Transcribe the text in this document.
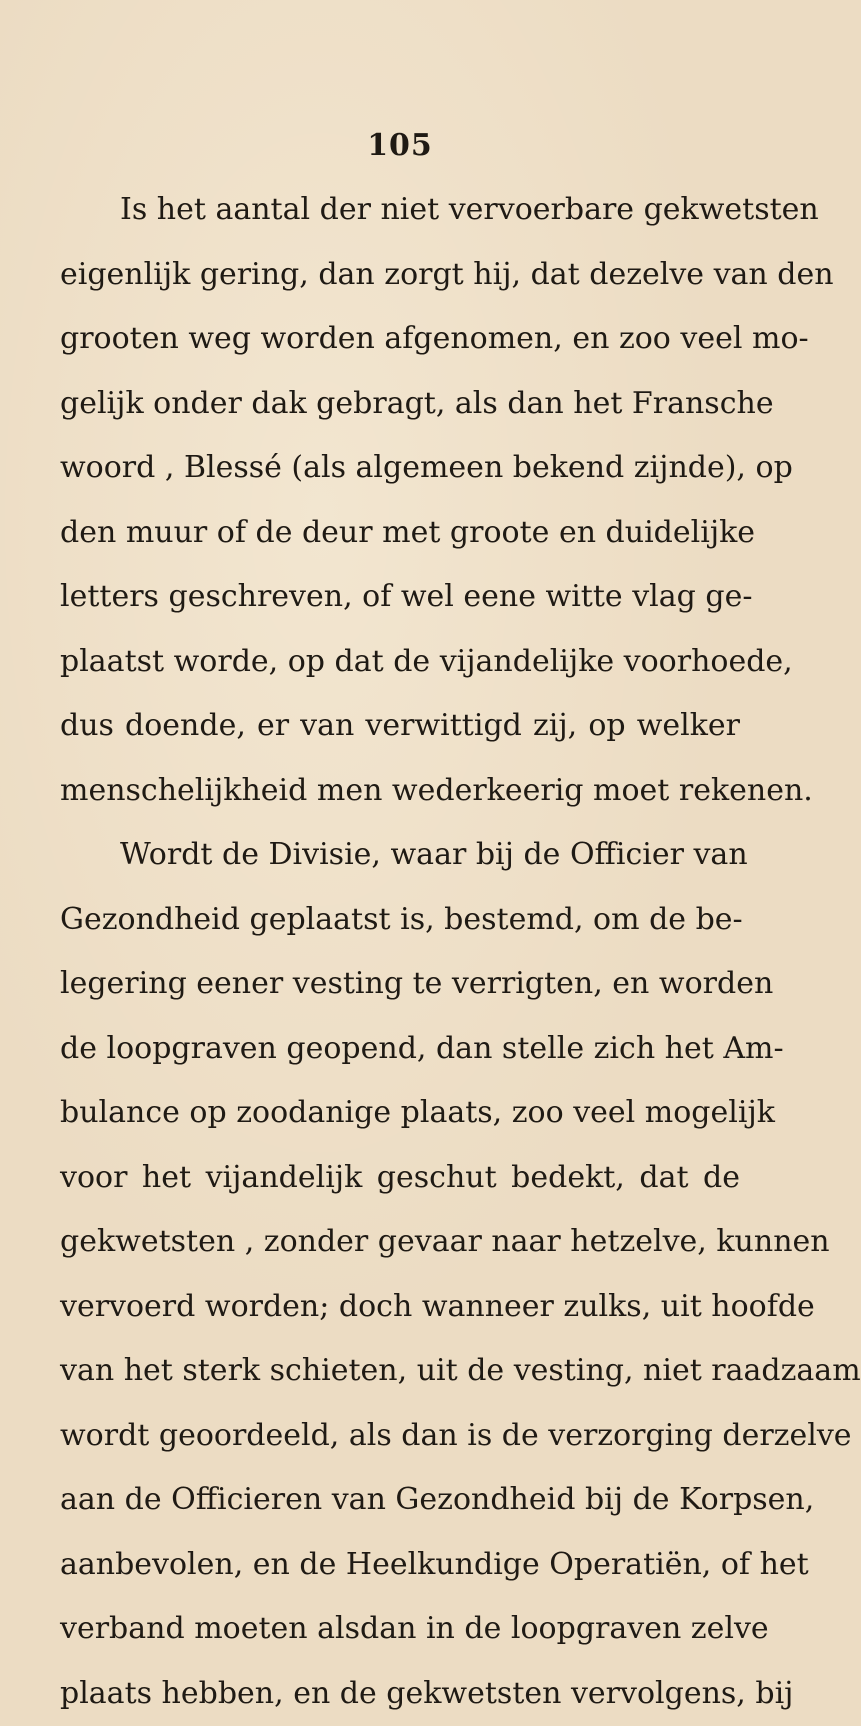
105
Is het aantal der niet vervoerbare gekwetsten
eigenlijk gering, dan zorgt hij, dat dezelve van den
grooten weg worden afgenomen, en zoo veel mo-
gelijk onder dak gebragt, als dan het Fransche
woord , Blessé (als algemeen bekend zijnde), op
den muur of de deur met groote en duidelijke
letters geschreven, of wel eene witte vlag ge-
plaatst worde, op dat de vijandelijke voorhoede,
dus doende, er van verwittigd zij, op welker
menschelijkheid men wederkeerig moet rekenen.
Wordt de Divisie, waar bij de Officier van
Gezondheid geplaatst is, bestemd, om de be-
legering eener vesting te verrigten, en worden
de loopgraven geopend, dan stelle zich het Am-
bulance op zoodanige plaats, zoo veel mogelijk
voor het vijandelijk geschut bedekt, dat de
gekwetsten , zonder gevaar naar hetzelve, kunnen
vervoerd worden; doch wanneer zulks, uit hoofde
van het sterk schieten, uit de vesting, niet raadzaam
wordt geoordeeld, als dan is de verzorging derzelve
aan de Officieren van Gezondheid bij de Korpsen,
aanbevolen, en de Heelkundige Operatiën, of het
verband moeten alsdan in de loopgraven zelve
plaats hebben, en de gekwetsten vervolgens, bij
